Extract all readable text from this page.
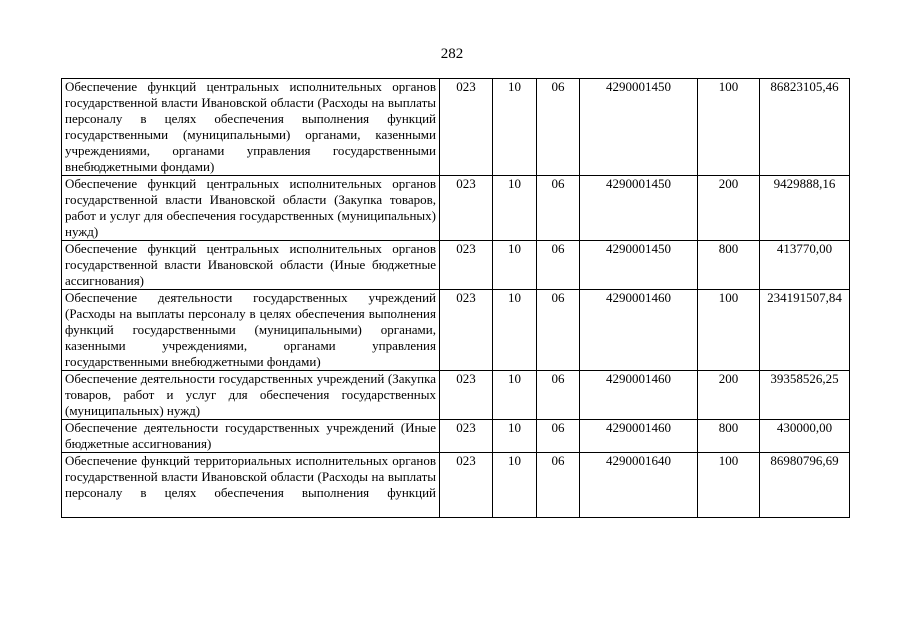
282
Обеспечение функций центральных исполнительных органов государственной власти Ивановской области (Расходы на выплаты персоналу в целях обеспечения выполнения функций государственными (муниципальными) органами, казенными учреждениями, органами управления государственными внебюджетными фондами)	023	10	06	4290001450	100	86823105,46
Обеспечение функций центральных исполнительных органов государственной власти Ивановской области (Закупка товаров, работ и услуг для обеспечения государственных (муниципальных) нужд)	023	10	06	4290001450	200	9429888,16
Обеспечение функций центральных исполнительных органов государственной власти Ивановской области (Иные бюджетные ассигнования)	023	10	06	4290001450	800	413770,00
Обеспечение деятельности государственных учреждений (Расходы на выплаты персоналу в целях обеспечения выполнения функций государственными (муниципальными) органами, казенными учреждениями, органами управления государственными внебюджетными фондами)	023	10	06	4290001460	100	234191507,84
Обеспечение деятельности государственных учреждений (Закупка товаров, работ и услуг для обеспечения государственных (муниципальных) нужд)	023	10	06	4290001460	200	39358526,25
Обеспечение деятельности государственных учреждений (Иные бюджетные ассигнования)	023	10	06	4290001460	800	430000,00
Обеспечение функций территориальных исполнительных органов государственной власти Ивановской области (Расходы на выплаты персоналу в целях обеспечения выполнения функций	023	10	06	4290001640	100	86980796,69
